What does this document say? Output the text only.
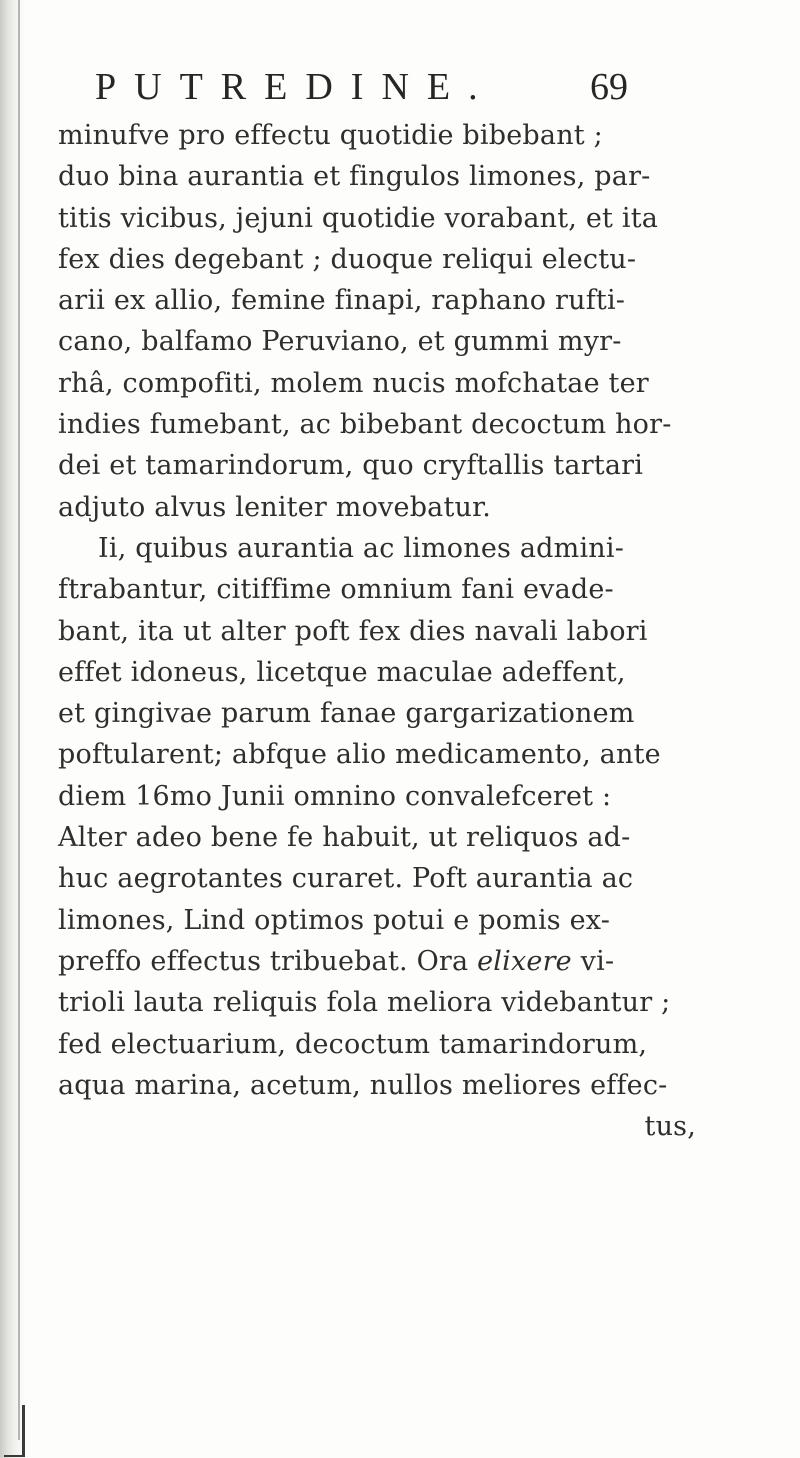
PUTREDINE.	69
minufve pro effectu quotidie bibebant ;
duo bina aurantia et fingulos limones, par-
titis vicibus, jejuni quotidie vorabant, et ita
fex dies degebant ; duoque reliqui electu-
arii ex allio, femine finapi, raphano rufti-
cano, balfamo Peruviano, et gummi myr-
rhâ, compofiti, molem nucis mofchatae ter
indies fumebant, ac bibebant decoctum hor-
dei et tamarindorum, quo cryftallis tartari
adjuto alvus leniter movebatur.
Ii, quibus aurantia ac limones admini-
ftrabantur, citiffime omnium fani evade-
bant, ita ut alter poft fex dies navali labori
effet idoneus, licetque maculae adeffent,
et gingivae parum fanae gargarizationem
poftularent; abfque alio medicamento, ante
diem 16mo Junii omnino convalefceret :
Alter adeo bene fe habuit, ut reliquos ad-
huc aegrotantes curaret. Poft aurantia ac
limones, Lind optimos potui e pomis ex-
preffo effectus tribuebat. Ora elixere vi-
trioli lauta reliquis fola meliora videbantur ;
fed electuarium, decoctum tamarindorum,
aqua marina, acetum, nullos meliores effec-
tus,
